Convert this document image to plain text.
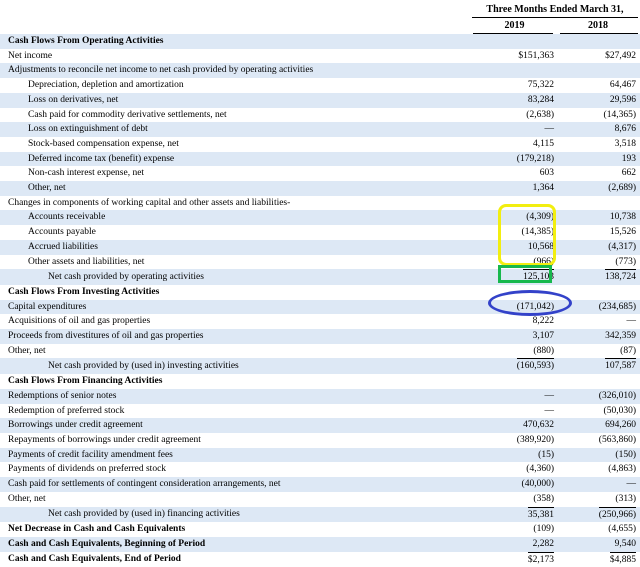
Three Months Ended March 31,
2019	2018
Cash Flows From Operating Activities		
Net income	$151,363	$27,492
Adjustments to reconcile net income to net cash provided by operating activities		
Depreciation, depletion and amortization	75,322	64,467
Loss on derivatives, net	83,284	29,596
Cash paid for commodity derivative settlements, net	(2,638)	(14,365)
Loss on extinguishment of debt	—	8,676
Stock-based compensation expense, net	4,115	3,518
Deferred income tax (benefit) expense	(179,218)	193
Non-cash interest expense, net	603	662
Other, net	1,364	(2,689)
Changes in components of working capital and other assets and liabilities-		
Accounts receivable	(4,309)	10,738
Accounts payable	(14,385)	15,526
Accrued liabilities	10,568	(4,317)
Other assets and liabilities, net	(966)	(773)
Net cash provided by operating activities	125,103	138,724
Cash Flows From Investing Activities		
Capital expenditures	(171,042)	(234,685)
Acquisitions of oil and gas properties	8,222	—
Proceeds from divestitures of oil and gas properties	3,107	342,359
Other, net	(880)	(87)
Net cash provided by (used in) investing activities	(160,593)	107,587
Cash Flows From Financing Activities		
Redemptions of senior notes	—	(326,010)
Redemption of preferred stock	—	(50,030)
Borrowings under credit agreement	470,632	694,260
Repayments of borrowings under credit agreement	(389,920)	(563,860)
Payments of credit facility amendment fees	(15)	(150)
Payments of dividends on preferred stock	(4,360)	(4,863)
Cash paid for settlements of contingent consideration arrangements, net	(40,000)	—
Other, net	(358)	(313)
Net cash provided by (used in) financing activities	35,381	(250,966)
Net Decrease in Cash and Cash Equivalents	(109)	(4,655)
Cash and Cash Equivalents, Beginning of Period	2,282	9,540
Cash and Cash Equivalents, End of Period	$2,173	$4,885
